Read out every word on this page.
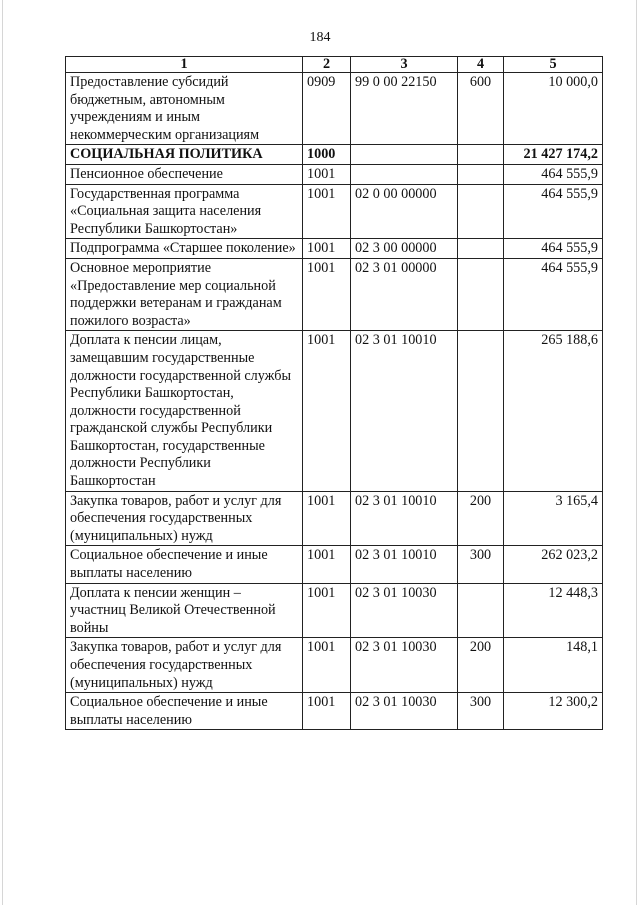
184
1	2	3	4	5
Предоставление субсидий бюджетным, автономным учреждениям и иным некоммерческим организациям	0909	99 0 00 22150	600	10 000,0
СОЦИАЛЬНАЯ ПОЛИТИКА	1000			21 427 174,2
Пенсионное обеспечение	1001			464 555,9
Государственная программа «Социальная защита населения Республики Башкортостан»	1001	02 0 00 00000		464 555,9
Подпрограмма «Старшее поколение»	1001	02 3 00 00000		464 555,9
Основное мероприятие «Предоставление мер социальной поддержки ветеранам и гражданам пожилого возраста»	1001	02 3 01 00000		464 555,9
Доплата к пенсии лицам, замещавшим государственные должности государственной службы Республики Башкортостан, должности государственной гражданской службы Республики Башкортостан, государственные должности Республики Башкортостан	1001	02 3 01 10010		265 188,6
Закупка товаров, работ и услуг для обеспечения государственных (муниципальных) нужд	1001	02 3 01 10010	200	3 165,4
Социальное обеспечение и иные выплаты населению	1001	02 3 01 10010	300	262 023,2
Доплата к пенсии женщин – участниц Великой Отечественной войны	1001	02 3 01 10030		12 448,3
Закупка товаров, работ и услуг для обеспечения государственных (муниципальных) нужд	1001	02 3 01 10030	200	148,1
Социальное обеспечение и иные выплаты населению	1001	02 3 01 10030	300	12 300,2
